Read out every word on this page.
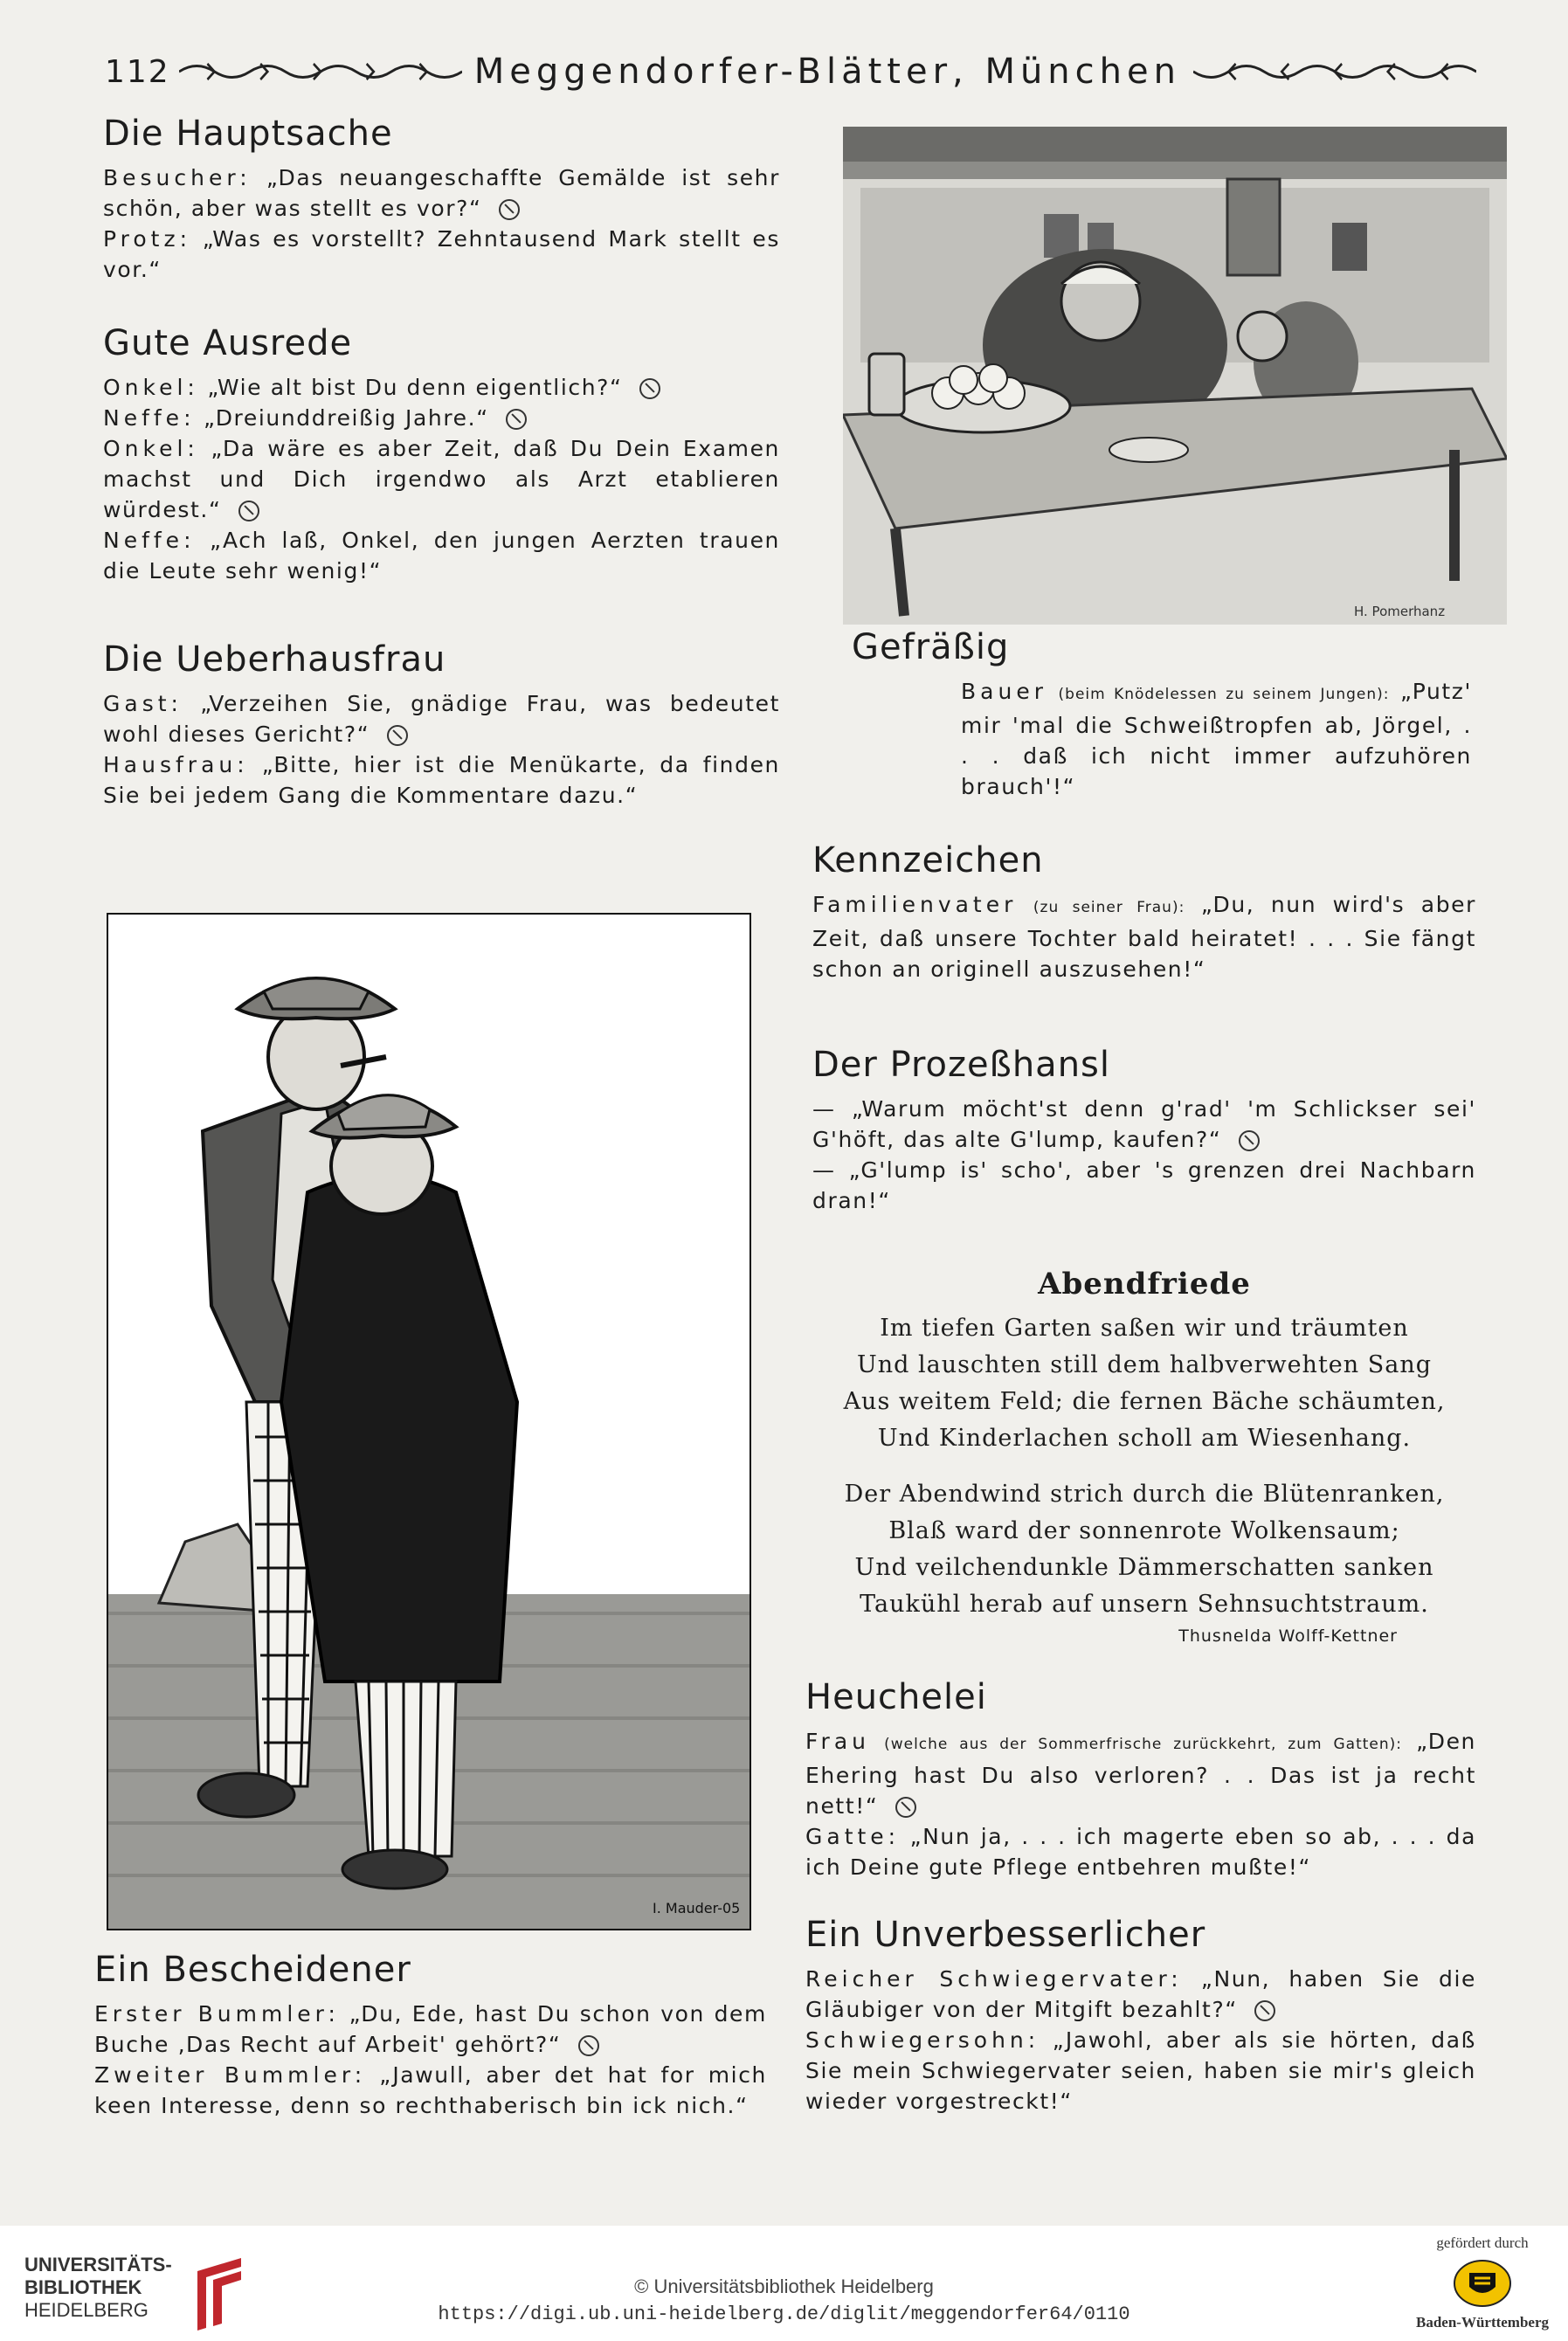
112	Meggendorfer-Blätter, München
Die Hauptsache
Besucher: „Das neuangeschaffte Gemälde ist sehr schön, aber was stellt es vor?“
Protz: „Was es vorstellt? Zehntausend Mark stellt es vor.“
Gute Ausrede
Onkel: „Wie alt bist Du denn eigentlich?“
Neffe: „Dreiunddreißig Jahre.“
Onkel: „Da wäre es aber Zeit, daß Du Dein Examen machst und Dich irgendwo als Arzt etablieren würdest.“
Neffe: „Ach laß, Onkel, den jungen Aerzten trauen die Leute sehr wenig!“
Die Ueberhausfrau
Gast: „Verzeihen Sie, gnädige Frau, was bedeutet wohl dieses Gericht?“
Hausfrau: „Bitte, hier ist die Menükarte, da finden Sie bei jedem Gang die Kommentare dazu.“
H. Pomerhanz
Gefräßig
Bauer (beim Knödelessen zu seinem Jungen): „Putz' mir 'mal die Schweißtropfen ab, Jörgel, . . . daß ich nicht immer aufzuhören brauch'!“
Kennzeichen
Familienvater (zu seiner Frau): „Du, nun wird's aber Zeit, daß unsere Tochter bald heiratet! . . . Sie fängt schon an originell auszusehen!“
Der Prozeßhansl
— „Warum möcht'st denn g'rad' 'm Schlickser sei' G'höft, das alte G'lump, kaufen?“
— „G'lump is' scho', aber 's grenzen drei Nachbarn dran!“
Abendfriede
Im tiefen Garten saßen wir und träumten
Und lauschten still dem halbverwehten Sang
Aus weitem Feld; die fernen Bäche schäumten,
Und Kinderlachen scholl am Wiesenhang.
Der Abendwind strich durch die Blütenranken,
Blaß ward der sonnenrote Wolkensaum;
Und veilchendunkle Dämmerschatten sanken
Taukühl herab auf unsern Sehnsuchtstraum.
Thusnelda Wolff-Kettner
Heuchelei
Frau (welche aus der Sommerfrische zurückkehrt, zum Gatten): „Den Ehering hast Du also verloren? . . Das ist ja recht nett!“
Gatte: „Nun ja, . . . ich magerte eben so ab, . . . da ich Deine gute Pflege entbehren mußte!“
Ein Unverbesserlicher
Reicher Schwiegervater: „Nun, haben Sie die Gläubiger von der Mitgift bezahlt?“
Schwiegersohn: „Jawohl, aber als sie hörten, daß Sie mein Schwiegervater seien, haben sie mir's gleich wieder vorgestreckt!“
I. Mauder-05
Ein Bescheidener
Erster Bummler: „Du, Ede, hast Du schon von dem Buche ‚Das Recht auf Arbeit' gehört?“
Zweiter Bummler: „Jawull, aber det hat for mich keen Interesse, denn so rechthaberisch bin ick nich.“
UNIVERSITÄTS-
BIBLIOTHEK
HEIDELBERG

© Universitätsbibliothek Heidelberg
https://digi.ub.uni-heidelberg.de/diglit/meggendorfer64/0110
gefördert durch
Baden-Württemberg
